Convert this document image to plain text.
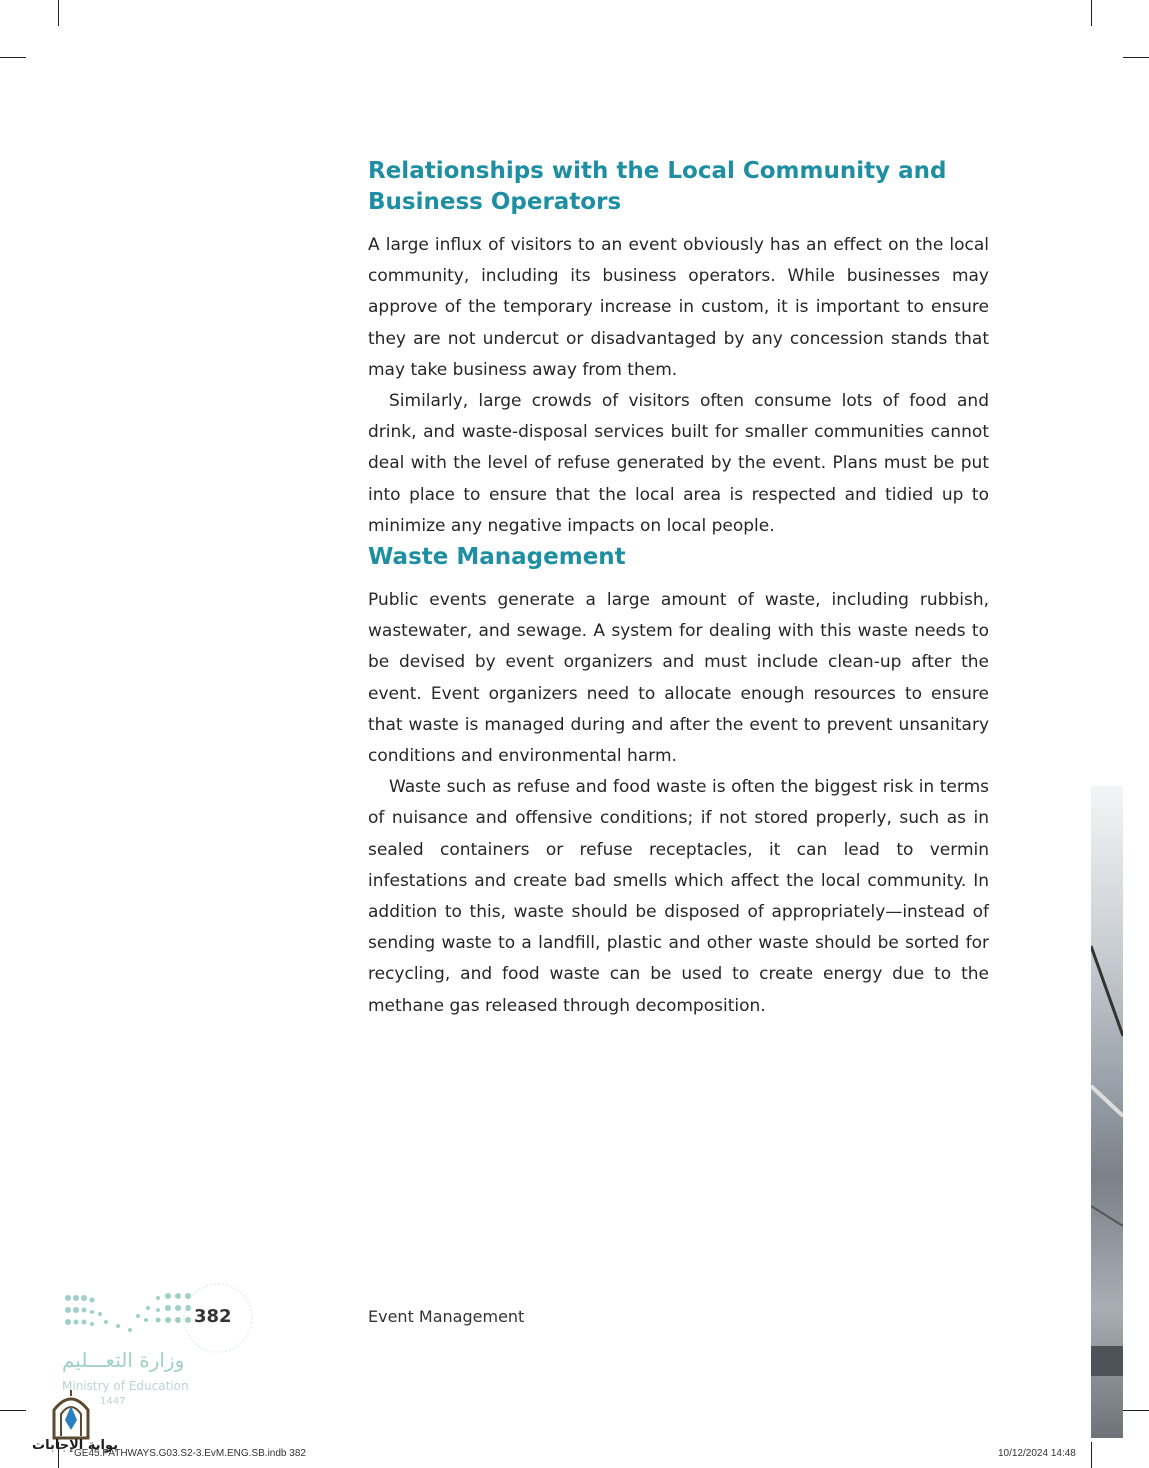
Relationships with the Local Community and Business Operators

A large influx of visitors to an event obviously has an effect on the local community, including its business operators. While businesses may approve of the temporary increase in custom, it is important to ensure they are not undercut or disadvantaged by any concession stands that may take business away from them.

Similarly, large crowds of visitors often consume lots of food and drink, and waste-disposal services built for smaller communities cannot deal with the level of refuse generated by the event. Plans must be put into place to ensure that the local area is respected and tidied up to minimize any negative impacts on local people.

Waste Management

Public events generate a large amount of waste, including rubbish, wastewater, and sewage. A system for dealing with this waste needs to be devised by event organizers and must include clean-up after the event. Event organizers need to allocate enough resources to ensure that waste is managed during and after the event to prevent unsanitary conditions and environmental harm.

Waste such as refuse and food waste is often the biggest risk in terms of nuisance and offensive conditions; if not stored properly, such as in sealed containers or refuse receptacles, it can lead to vermin infestations and create bad smells which affect the local community. In addition to this, waste should be disposed of appropriately—instead of sending waste to a landfill, plastic and other waste should be sorted for recycling, and food waste can be used to create energy due to the methane gas released through decomposition.

382	Event Management
وزارة التعـــليم
Ministry of Education
1447
بوابة الإجابات
GE45.PATHWAYS.G03.S2-3.EvM.ENG.SB.indb 382	10/12/2024 14:48
